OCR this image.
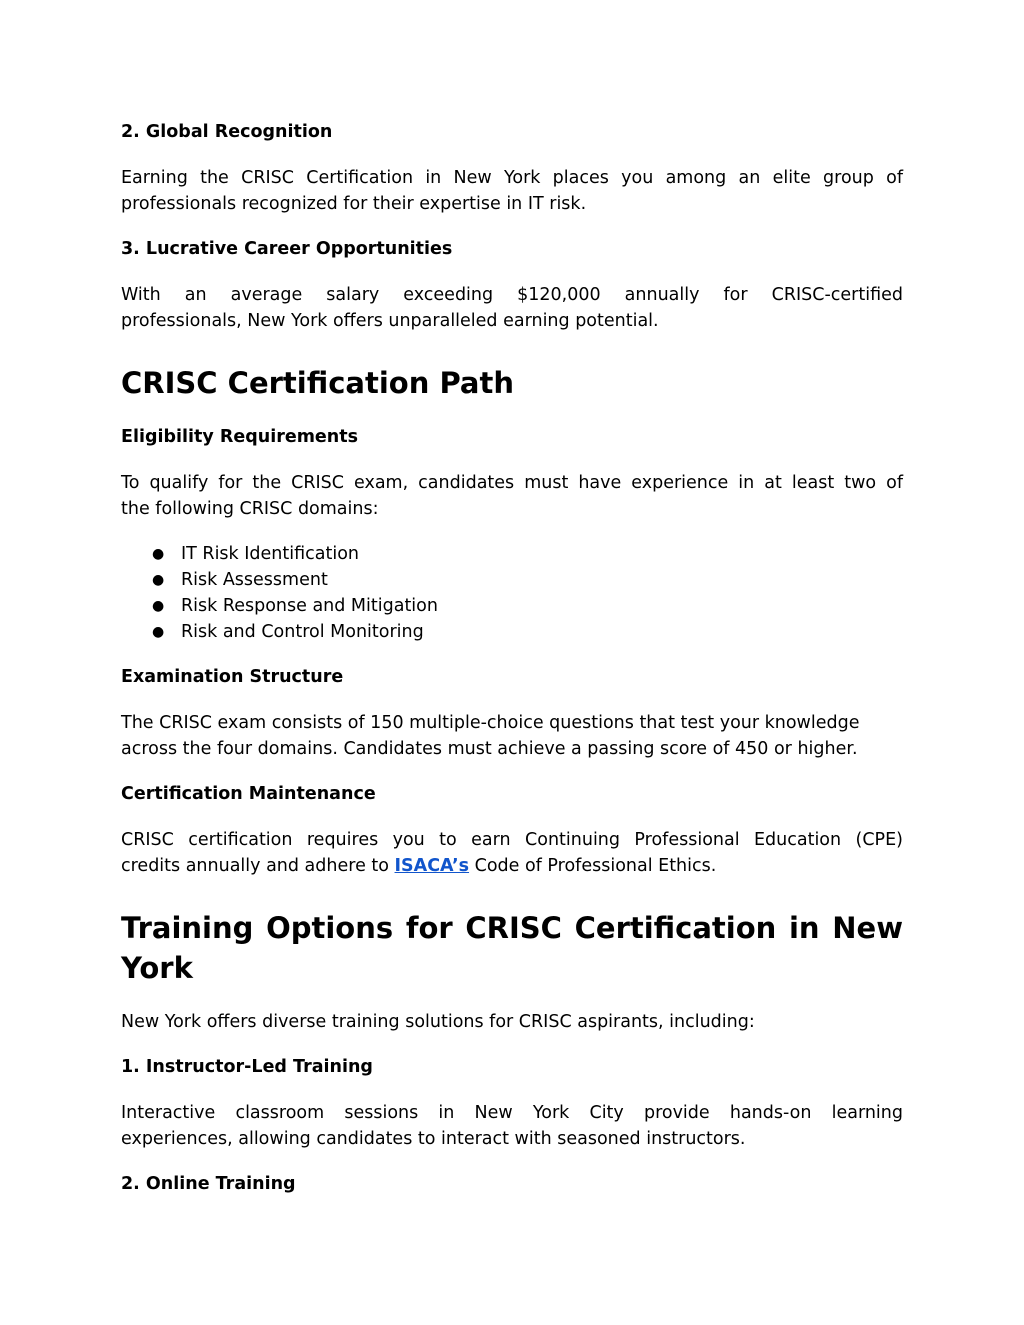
2. Global Recognition
Earning the CRISC Certification in New York places you among an elite group of
professionals recognized for their expertise in IT risk.
3. Lucrative Career Opportunities
With an average salary exceeding $120,000 annually for CRISC-certified
professionals, New York offers unparalleled earning potential.
CRISC Certification Path
Eligibility Requirements
To qualify for the CRISC exam, candidates must have experience in at least two of
the following CRISC domains:
● IT Risk Identification
● Risk Assessment
● Risk Response and Mitigation
● Risk and Control Monitoring
Examination Structure
The CRISC exam consists of 150 multiple-choice questions that test your knowledge
across the four domains. Candidates must achieve a passing score of 450 or higher.
Certification Maintenance
CRISC certification requires you to earn Continuing Professional Education (CPE)
credits annually and adhere to ISACA’s Code of Professional Ethics.
Training Options for CRISC Certification in New
York
New York offers diverse training solutions for CRISC aspirants, including:
1. Instructor-Led Training
Interactive classroom sessions in New York City provide hands-on learning
experiences, allowing candidates to interact with seasoned instructors.
2. Online Training
